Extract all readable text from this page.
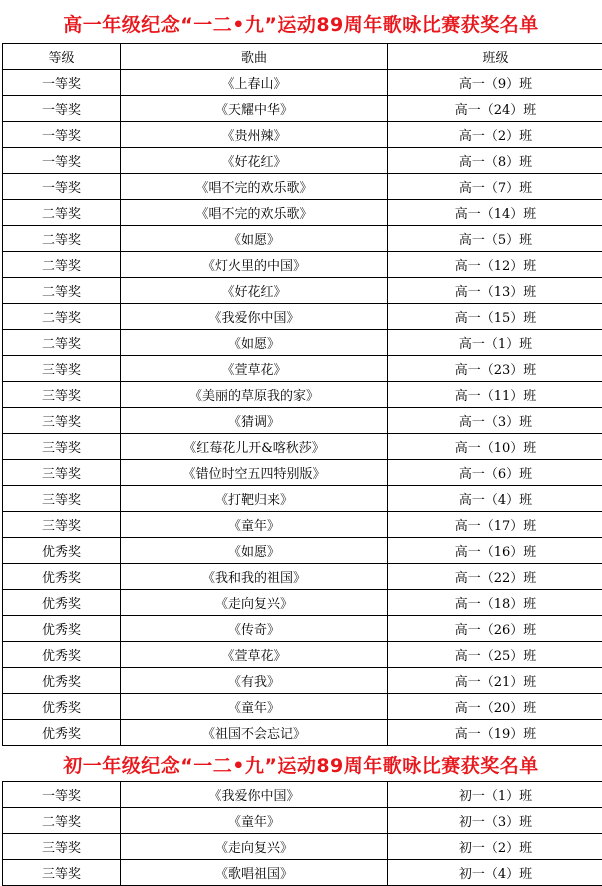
高一年级纪念“一二•九”运动89周年歌咏比赛获奖名单
等级	歌曲	班级
一等奖	《上春山》	高一（9）班
一等奖	《天耀中华》	高一（24）班
一等奖	《贵州辣》	高一（2）班
一等奖	《好花红》	高一（8）班
一等奖	《唱不完的欢乐歌》	高一（7）班
二等奖	《唱不完的欢乐歌》	高一（14）班
二等奖	《如愿》	高一（5）班
二等奖	《灯火里的中国》	高一（12）班
二等奖	《好花红》	高一（13）班
二等奖	《我爱你中国》	高一（15）班
二等奖	《如愿》	高一（1）班
三等奖	《萱草花》	高一（23）班
三等奖	《美丽的草原我的家》	高一（11）班
三等奖	《猜调》	高一（3）班
三等奖	《红莓花儿开&喀秋莎》	高一（10）班
三等奖	《错位时空五四特别版》	高一（6）班
三等奖	《打靶归来》	高一（4）班
三等奖	《童年》	高一（17）班
优秀奖	《如愿》	高一（16）班
优秀奖	《我和我的祖国》	高一（22）班
优秀奖	《走向复兴》	高一（18）班
优秀奖	《传奇》	高一（26）班
优秀奖	《萱草花》	高一（25）班
优秀奖	《有我》	高一（21）班
优秀奖	《童年》	高一（20）班
优秀奖	《祖国不会忘记》	高一（19）班
初一年级纪念“一二•九”运动89周年歌咏比赛获奖名单
一等奖	《我爱你中国》	初一（1）班
二等奖	《童年》	初一（3）班
三等奖	《走向复兴》	初一（2）班
三等奖	《歌唱祖国》	初一（4）班
